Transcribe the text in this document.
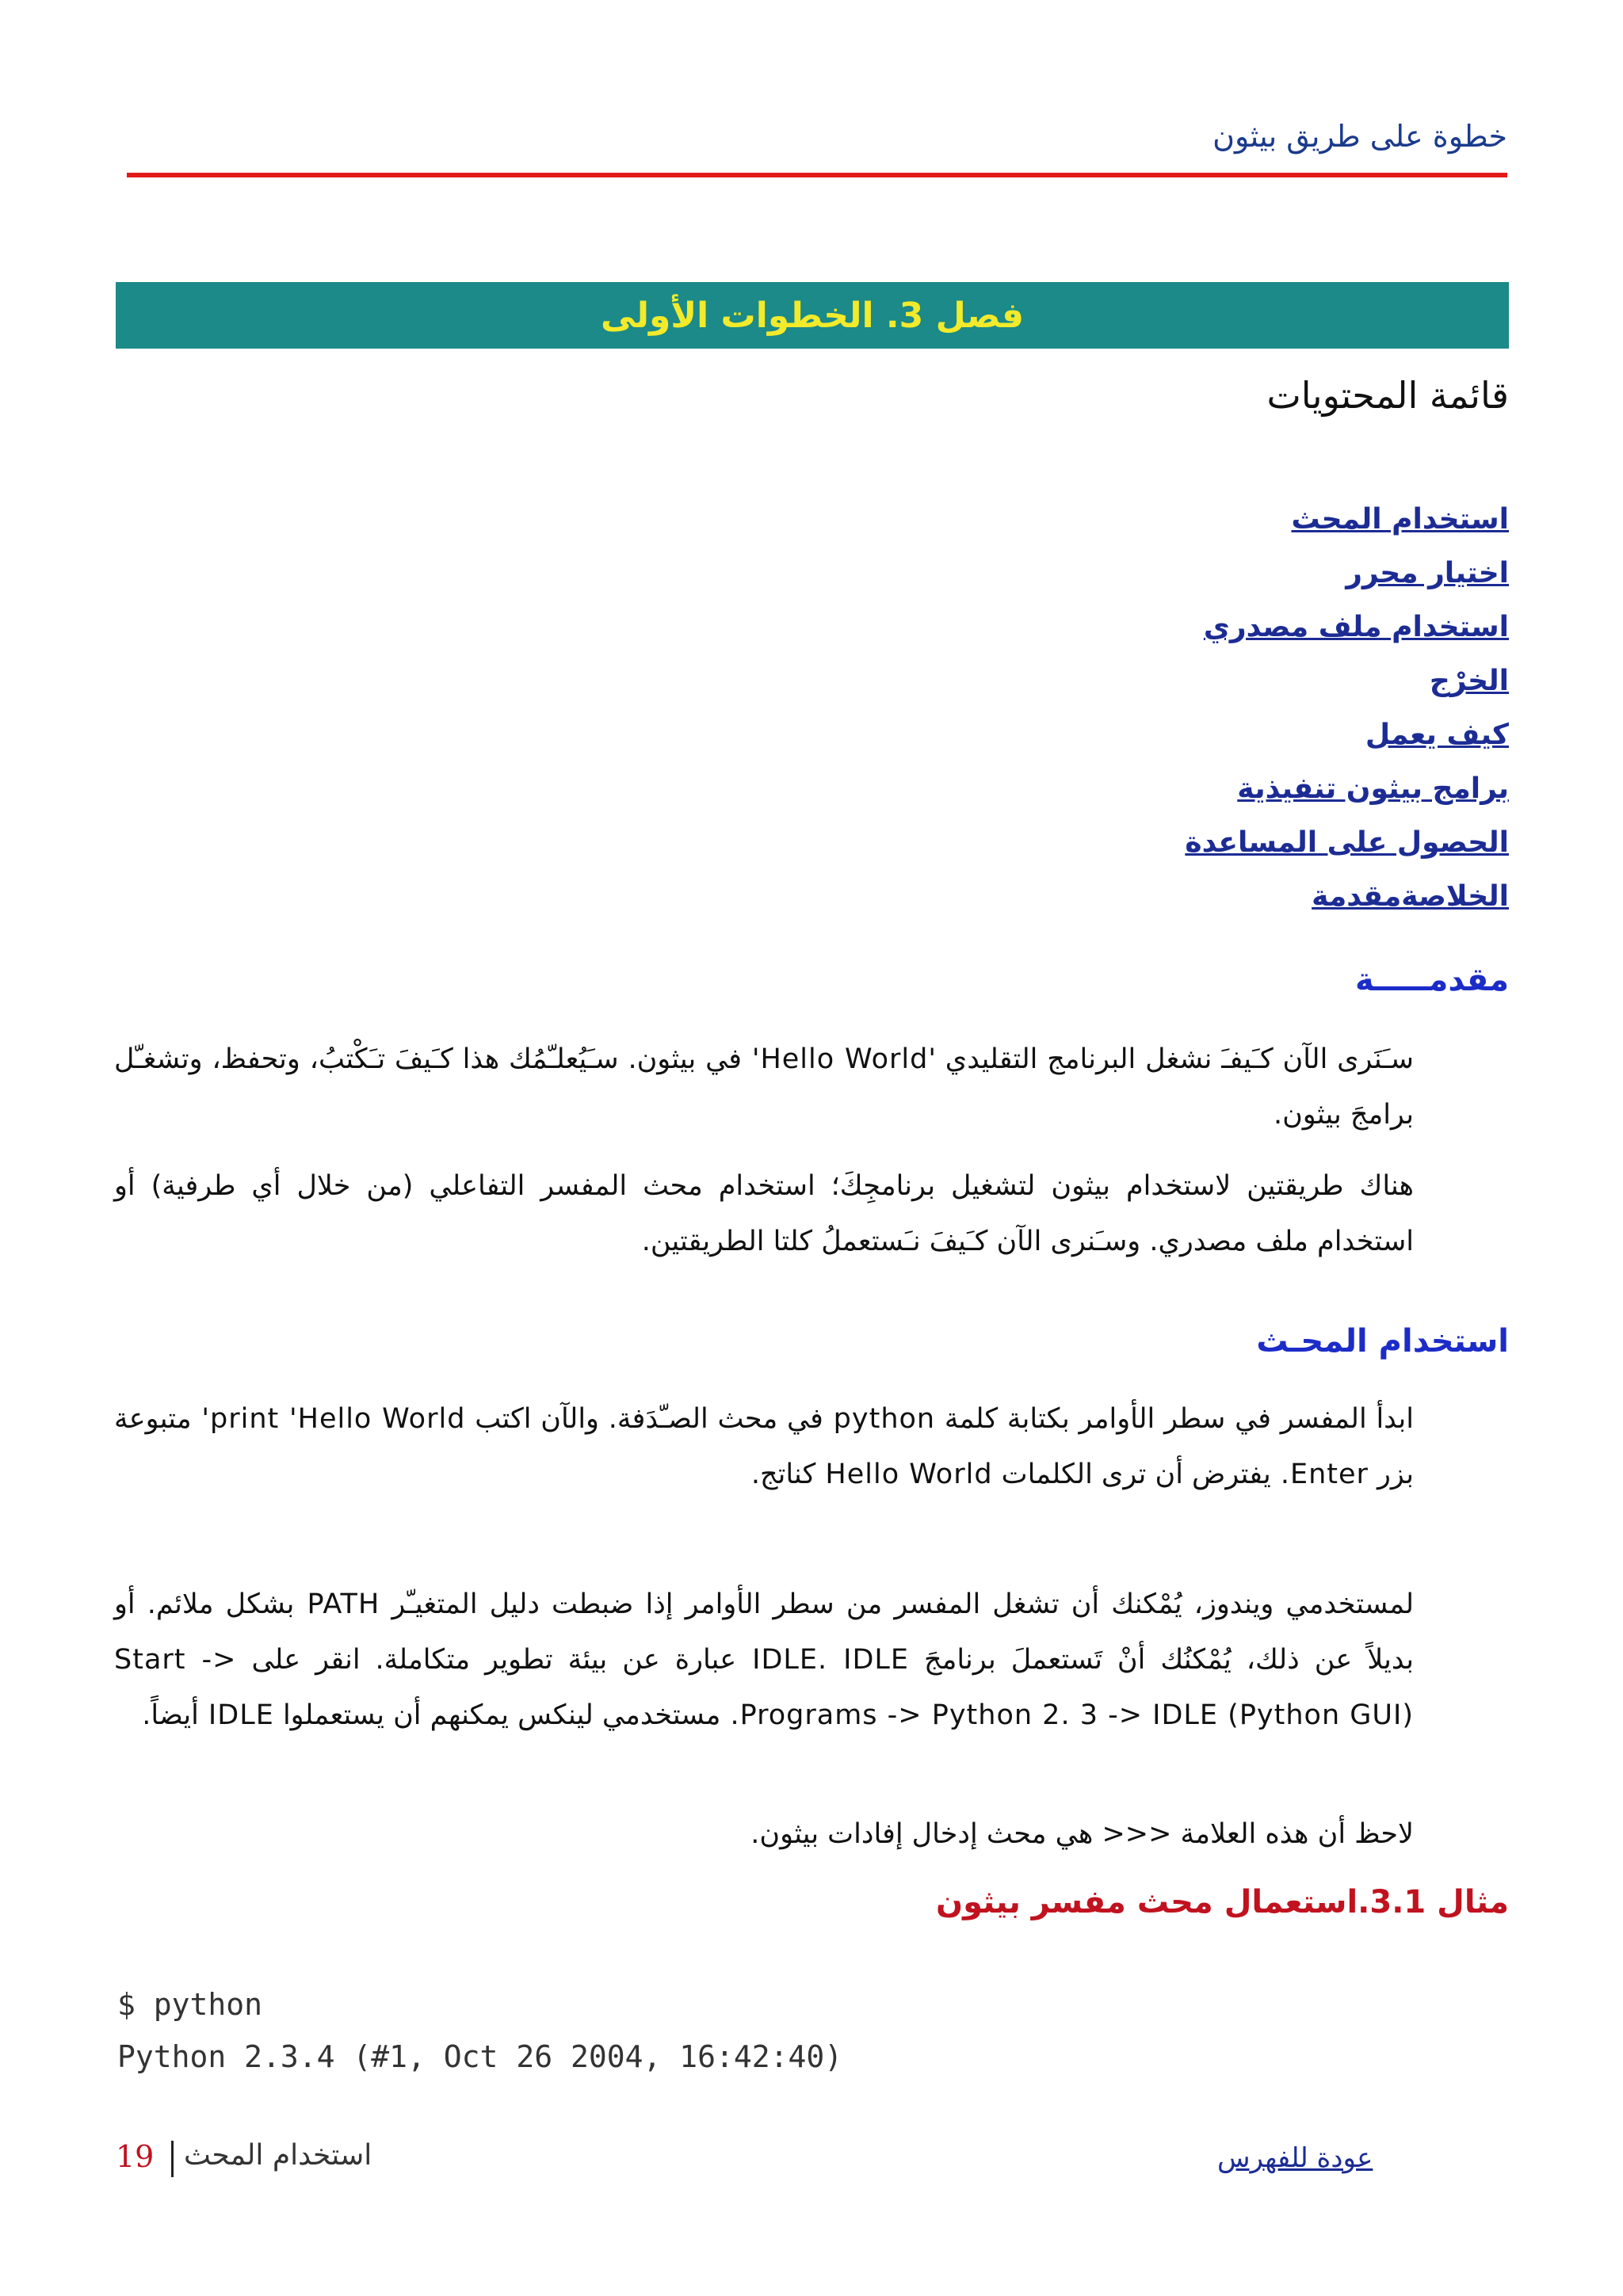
خطوة على طريق بيثون
فصل 3. الخطوات الأولى
قائمة المحتويات
استخدام المحث
اختيار محرر
استخدام ملف مصدري
الخرْج
كيف يعمل
برامج بيثون تنفيذية
الحصول على المساعدة
الخلاصةمقدمة
مقدمـــــة
سـَنَرى الآن كـَيفـَ نشغل البرنامج التقليدي 'Hello World' في بيثون. سـَيُعلـّمُك هذا كـَيفَ تـَكْتبُ، وتحفظ، وتشغـّل برامجَ بيثون.
هناك طريقتين لاستخدام بيثون لتشغيل برنامجِكَ؛ استخدام محث المفسر التفاعلي (من خلال أي طرفية) أو استخدام ملف مصدري. وسـَنرى الآن كـَيفَ نـَستعملُ كلتا الطريقتين.
استخدام المحـث
ابدأ المفسر في سطر الأوامر بكتابة كلمة python في محث الصـّدَفة. والآن اكتب print 'Hello World' متبوعة بزر Enter. يفترض أن ترى الكلمات Hello World كناتج.
لمستخدمي ويندوز، يُمْكنك أن تشغل المفسر من سطر الأوامر إذا ضبطت دليل المتغيـّر PATH بشكل ملائم. أو بديلاً عن ذلك، يُمْكنُك أنْ تَستعملَ برنامجَ IDLE. IDLE عبارة عن بيئة تطوير متكاملة. انقر على Start -> Programs -> Python 2. 3 -> IDLE (Python GUI). مستخدمي لينكس يمكنهم أن يستعملوا IDLE أيضاً.
لاحظ أن هذه العلامة <<< هي محث إدخال إفادات بيثون.
مثال 3.1.استعمال محث مفسر بيثون
$ python
Python 2.3.4 (#1, Oct 26 2004, 16:42:40)
19 استخدام المحث	عودة للفهرس
